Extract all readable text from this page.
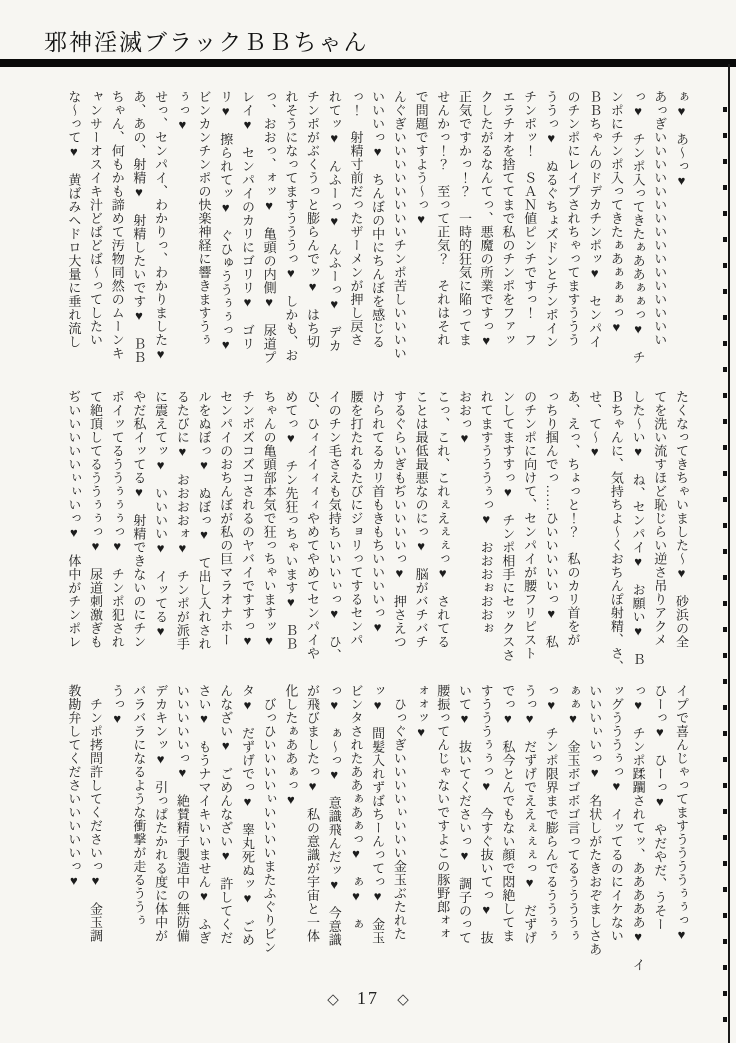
邪神淫滅ブラックＢＢちゃん

ぁ♥　あ〜っ♥

あっぎいいいいいいいいいいいいいいいい

っ♥　チンポ入ってきたぁああぁぁっ♥　チ

ンポにチンポ入ってきたぁあぁぁぁっ♥

ＢＢちゃんのドデカチンポッ♥　センパイ

のチンポにレイプされちゃってますううう

ううっ♥　ぬるぐちょズドンとチンポイン

チンポッ！　ＳＡＮ値ピンチですっ！　フ

エラチオを捨ててまで私のチンポをファッ

クしたがるなんてっ、悪魔の所業ですっ♥

正気ですかっ！？　一時的狂気に陥ってま

せんかっ！？　至って正気？　それはそれ

で問題ですよう〜っ♥

んぐぎいいいいいいいいチンポ苦しいいいい

いいいっ♥　ちんぼの中にちんぼを感じる

っ！　射精寸前だったザーメンが押し戻さ

れてッ♥　んふーっ♥　んふーっ♥　デカ

チンポがぶくうっと膨らんでッ♥　はち切

れそうになってますうううっ♥　しかも、お

っ、おおっ、ォッ♥　亀頭の内側♥　尿道プ

レイ♥　センパイのカリにゴリリ♥　ゴリ

リ♥　擦られてッ♥　ぐひゅううぅぅっ♥

ビンカンチンポの快楽神経に響きますうぅ

ぅっ♥

せっ、センパイ、わかりっ、わかりました♥

あ、あの、射精♥　射精したいです♥　ＢＢ

ちゃん、何もかも諦めて汚物同然のムーンキ

ャンサーオスイキ汁どばどば〜ってしたい

な〜って♥　黄ばみヘドロ大量に垂れ流し

たくなってきちゃいました〜♥　砂浜の全

てを洗い流すほど恥じらい逆さ吊りアクメ

した〜い♥　ね、センパイ♥　お願い♥　Ｂ

Ｂちゃんに、気持ちよ〜くおちんぽ射精、さ、

せ、て〜♥

あ、えっ、ちょっと！？　私のカリ首をが

っちり掴んでっ……ひいいいいいっ♥　私

のチンポに向けて、センパイが腰フリピスト

ンしてますすっ♥　チンポ相手にセックスさ

れてますうううぅっ♥　おおおぉおおぉ

おおっ♥

こっ、これ、これぇえぇぇっ♥　されてる

ことは最低最悪なのにっ♥　脳がバチバチ

するぐらいぎもぢいいいいっ♥　押さえつ

けられてるカリ首もきもちいいいいっ♥

腰を打たれるたびにジョリってするセンパ

イのチン毛さえも気持ちいいいぃっ♥　ひ、

ひ、ひィイイィィィやめてやめてセンパイや

めてっ♥　チン先狂っちゃいます♥　ＢＢ

ちゃんの亀頭部本気で狂っちゃいますッ♥

チンポズコズコされるのヤバイですすっ♥

センパイのおちんぼが私の巨マラオナホー

ルをぬぼっ♥　ぬぼっ♥　て出し入れされ

るたびに♥　おおおおォ♥　チンポが派手

に震えてッ♥　いいいい♥　イッてる♥

やだ私イッてる♥　射精できないのにチン

ポイッてるううぅぅぅっ♥　チンポ犯され

て絶頂してるううぅぅっ♥　尿道刺激ぎも

ぢいいいいいぃぃいっ♥　体中がチンポレ

イプで喜んじゃってますううううぅぅっ♥

ひーっ♥　ひーっ♥　やだやだ、うそー

っ♥　チンポ蹂躙されてッ、あああああ♥　イ

ッグうううぅっ♥　イッてるのにイケない

いいいぃいっ♥　名状しがたきおぞましさあ

ぁぁ♥　金玉ボゴボゴ言ってるううううぅ

っ♥　チンポ限界まで膨らんでるううぅぅ

うっ♥　だずげでええぇぇぇっ♥　だずげ

でっ♥　私今とんでもない顔で悶絶してま

すうううぅぅっ♥　今すぐ抜いてっ♥　抜

いて♥　抜いてくださいっ♥　調子のって

腰振ってんじゃないですよこの豚野郎ォォ

ォォッ♥

　ひっぐぎいいいいぃいいい金玉ぶたれた

ッ♥　間髪入れずばちーんってっ♥　金玉

ビンタされたああぁあぁっ♥　ぁ♥　ぁ

っ♥　ぁ〜っ♥　意識飛んだッ♥　今意識

が飛びましたっ♥　私の意識が宇宙と一体

化したぁああぁっ♥

　びっひいいいいぃいいいいまたふぐりビン

タ♥　だずげでっ♥　睾丸死ぬッ♥　ごめ

んなざい♥　ごめんなざい♥　許してくだ

さい♥　もうナマイキいいません♥　ふぎ

いいいいいっ♥　絶賛精子製造中の無防備

デカキンッ♥　引っぱたかれる度に体中が

バラバラになるような衝撃が走るううぅ

うっ♥

　チンポ拷問許してくださいっ♥　金玉調

教勘弁してくださいいいいいっ♥

◇ 17 ◇
